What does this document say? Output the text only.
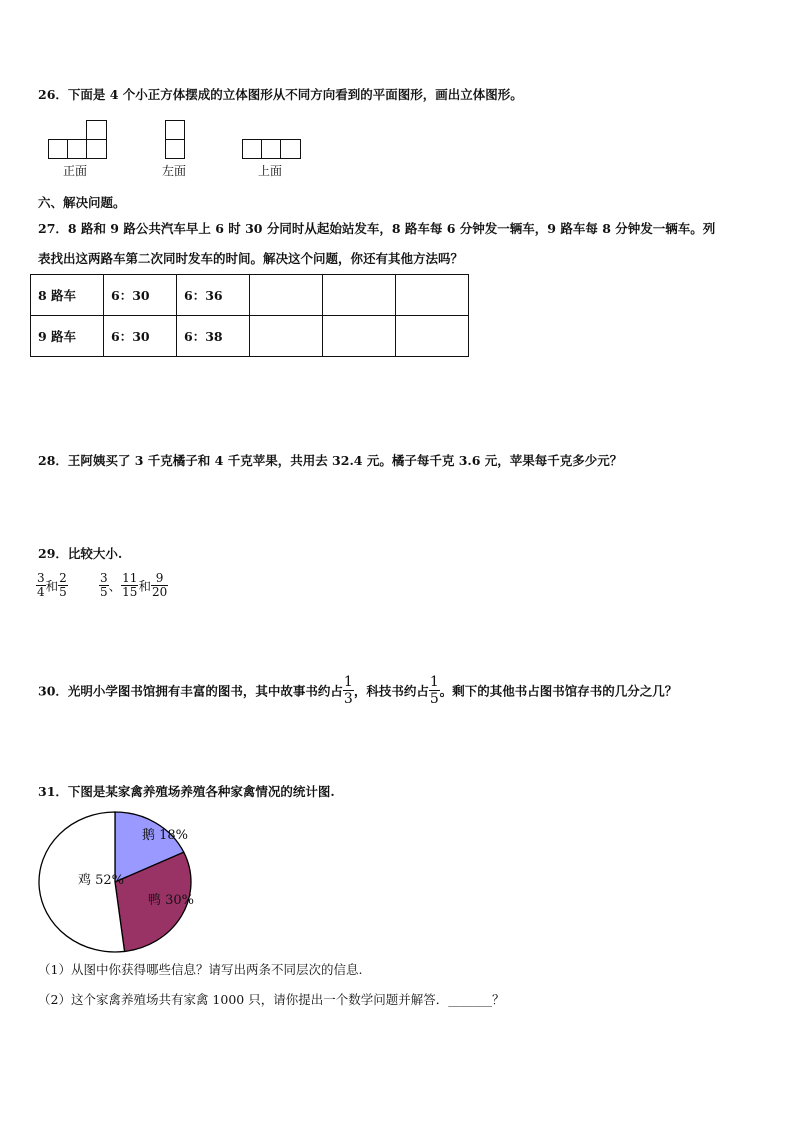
26．下面是 4 个小正方体摆成的立体图形从不同方向看到的平面图形，画出立体图形。
正面	左面	上面
六、解决问题。
27．8 路和 9 路公共汽车早上 6 时 30 分同时从起始站发车，8 路车每 6 分钟发一辆车，9 路车每 8 分钟发一辆车。列
表找出这两路车第二次同时发车的时间。解决这个问题，你还有其他方法吗？
8 路车	6：30	6：36			
9 路车	6：30	6：38			
28．王阿姨买了 3 千克橘子和 4 千克苹果，共用去 32.4 元。橘子每千克 3.6 元，苹果每千克多少元？
29．比较大小.
$\frac{3}{4}$ 和 $\frac{2}{5}$	$\frac{3}{5}$ 、 $\frac{11}{15}$ 和 $\frac{9}{20}$
30．光明小学图书馆拥有丰富的图书，其中故事书约占 $\frac{1}{3}$ ，科技书约占 $\frac{1}{5}$ 。剩下的其他书占图书馆存书的几分之几？
31．下图是某家禽养殖场养殖各种家禽情况的统计图.
鹅 18%
鸭 30%
鸡 52%
（1）从图中你获得哪些信息？请写出两条不同层次的信息.
（2）这个家禽养殖场共有家禽 1000 只，请你提出一个数学问题并解答．_______？
